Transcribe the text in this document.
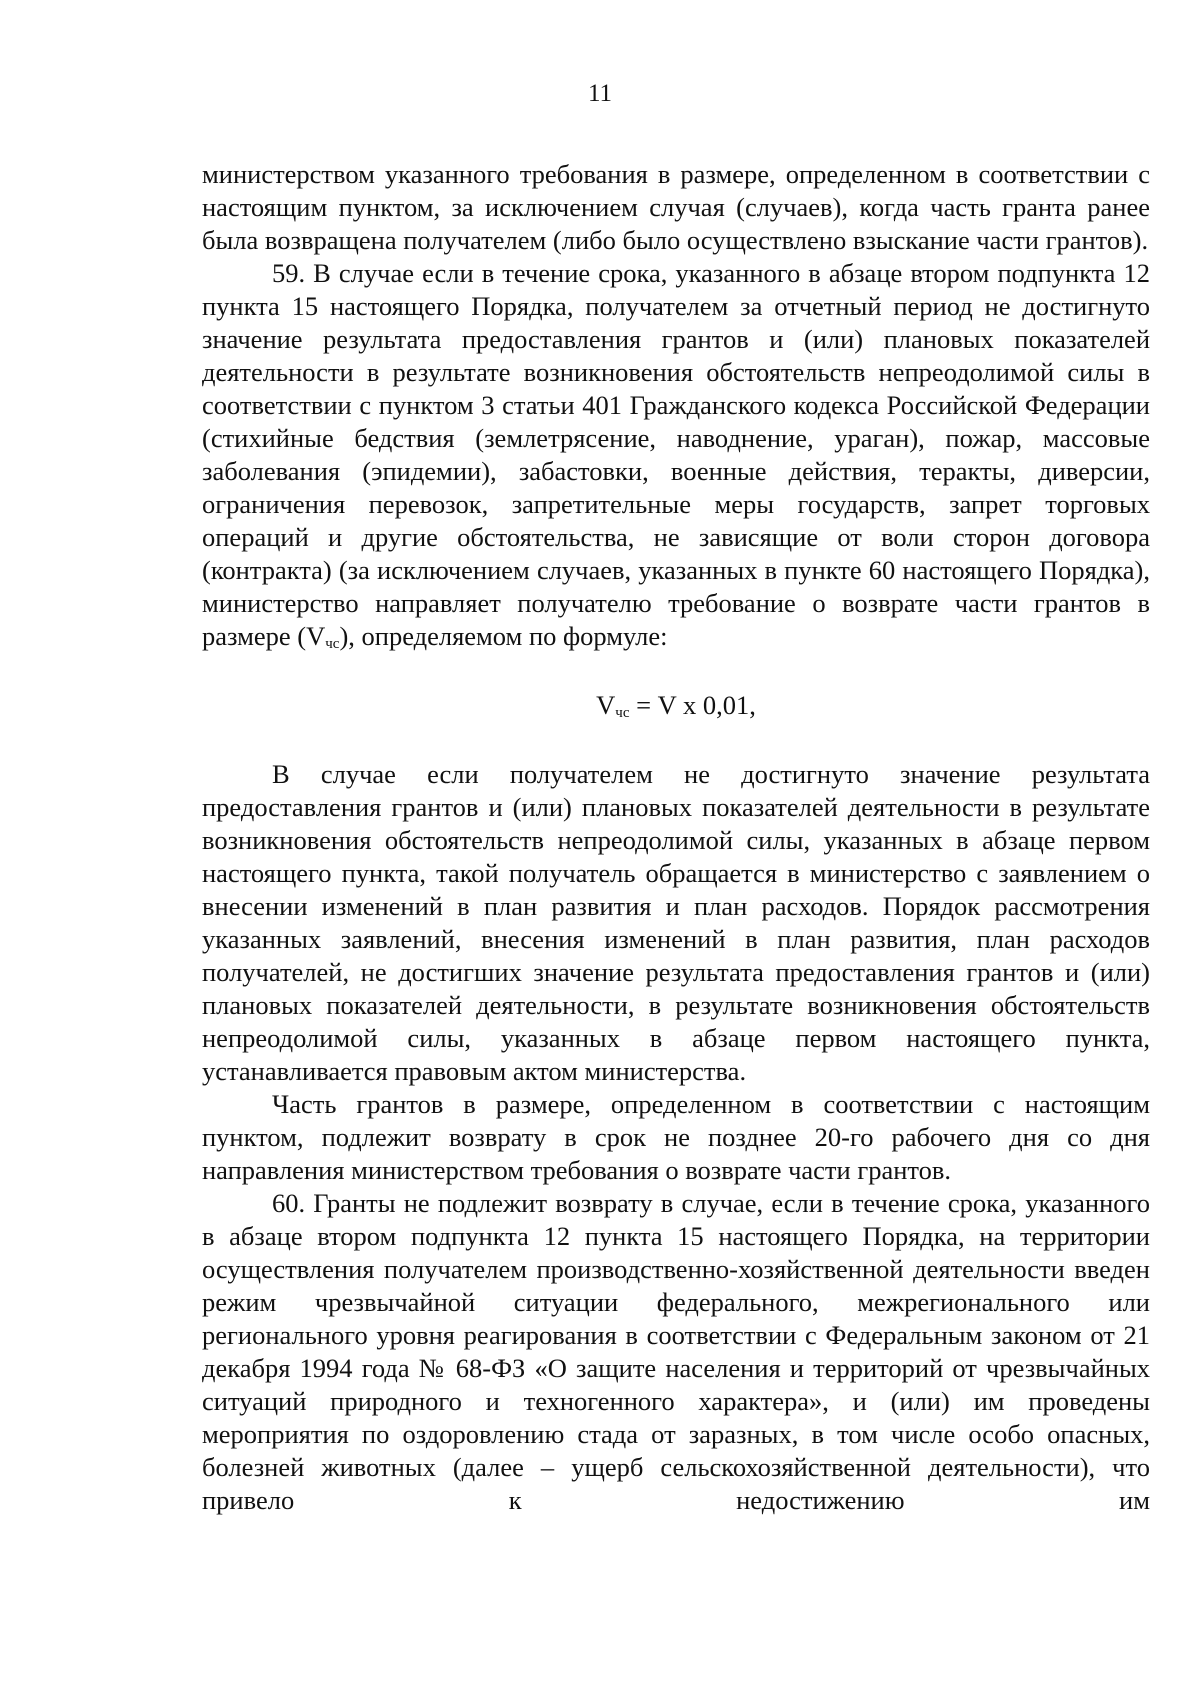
11

министерством указанного требования в размере, определенном в соответствии с настоящим пунктом, за исключением случая (случаев), когда часть гранта ранее была возвращена получателем (либо было осуществлено взыскание части грантов).

59. В случае если в течение срока, указанного в абзаце втором подпункта 12 пункта 15 настоящего Порядка, получателем за отчетный период не достигнуто значение результата предоставления грантов и (или) плановых показателей деятельности в результате возникновения обстоятельств непреодолимой силы в соответствии с пунктом 3 статьи 401 Гражданского кодекса Российской Федерации (стихийные бедствия (землетрясение, наводнение, ураган), пожар, массовые заболевания (эпидемии), забастовки, военные действия, теракты, диверсии, ограничения перевозок, запретительные меры государств, запрет торговых операций и другие обстоятельства, не зависящие от воли сторон договора (контракта) (за исключением случаев, указанных в пункте 60 настоящего Порядка), министерство направляет получателю требование о возврате части грантов в размере $(V_{чс})$, определяемом по формуле:

$V_{чс} = V$ x 0,01,

В случае если получателем не достигнуто значение результата предоставления грантов и (или) плановых показателей деятельности в результате возникновения обстоятельств непреодолимой силы, указанных в абзаце первом настоящего пункта, такой получатель обращается в министерство с заявлением о внесении изменений в план развития и план расходов. Порядок рассмотрения указанных заявлений, внесения изменений в план развития, план расходов получателей, не достигших значение результата предоставления грантов и (или) плановых показателей деятельности, в результате возникновения обстоятельств непреодолимой силы, указанных в абзаце первом настоящего пункта, устанавливается правовым актом министерства.

Часть грантов в размере, определенном в соответствии с настоящим пунктом, подлежит возврату в срок не позднее 20-го рабочего дня со дня направления министерством требования о возврате части грантов.

60. Гранты не подлежит возврату в случае, если в течение срока, указанного в абзаце втором подпункта 12 пункта 15 настоящего Порядка, на территории осуществления получателем производственно-хозяйственной деятельности введен режим чрезвычайной ситуации федерального, межрегионального или регионального уровня реагирования в соответствии с Федеральным законом от 21 декабря 1994 года № 68-ФЗ «О защите населения и территорий от чрезвычайных ситуаций природного и техногенного характера», и (или) им проведены мероприятия по оздоровлению стада от заразных, в том числе особо опасных, болезней животных (далее – ущерб сельскохозяйственной деятельности), что привело к недостижению им
